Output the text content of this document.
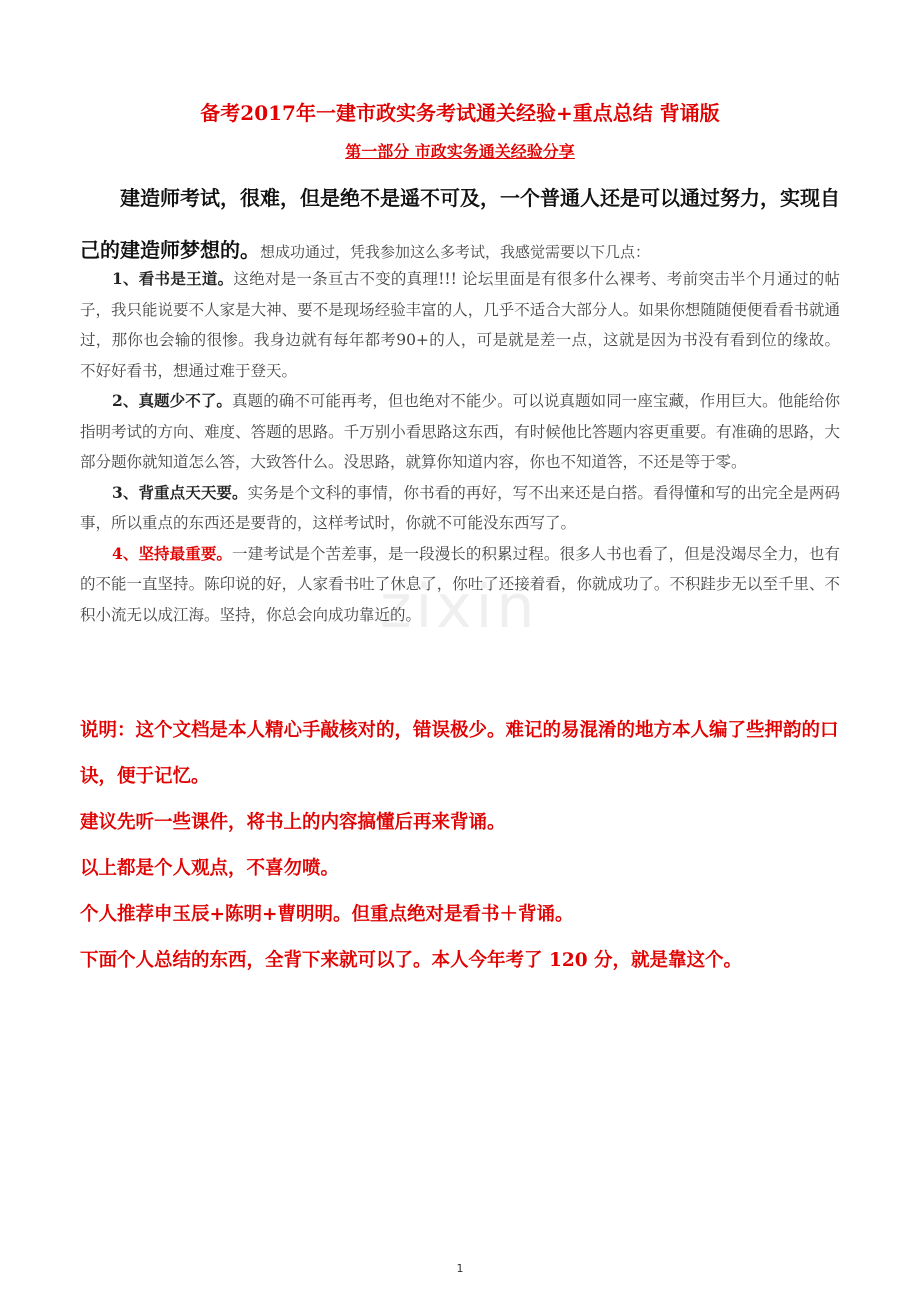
备考2017年一建市政实务考试通关经验+重点总结 背诵版
第一部分 市政实务通关经验分享
建造师考试，很难，但是绝不是遥不可及，一个普通人还是可以通过努力，实现自己的建造师梦想的。想成功通过，凭我参加这么多考试，我感觉需要以下几点：
zixin

1、看书是王道。这绝对是一条亘古不变的真理!!! 论坛里面是有很多什么裸考、考前突击半个月通过的帖子，我只能说要不人家是大神、要不是现场经验丰富的人，几乎不适合大部分人。如果你想随随便便看看书就通过，那你也会输的很惨。我身边就有每年都考90+的人，可是就是差一点，这就是因为书没有看到位的缘故。不好好看书，想通过难于登天。

2、真题少不了。真题的确不可能再考，但也绝对不能少。可以说真题如同一座宝藏，作用巨大。他能给你指明考试的方向、难度、答题的思路。千万别小看思路这东西，有时候他比答题内容更重要。有准确的思路，大部分题你就知道怎么答，大致答什么。没思路，就算你知道内容，你也不知道答，不还是等于零。

3、背重点天天要。实务是个文科的事情，你书看的再好，写不出来还是白搭。看得懂和写的出完全是两码事，所以重点的东西还是要背的，这样考试时，你就不可能没东西写了。

4、坚持最重要。一建考试是个苦差事，是一段漫长的积累过程。很多人书也看了，但是没竭尽全力，也有的不能一直坚持。陈印说的好，人家看书吐了休息了，你吐了还接着看，你就成功了。不积跬步无以至千里、不积小流无以成江海。坚持，你总会向成功靠近的。

说明：这个文档是本人精心手敲核对的，错误极少。难记的易混淆的地方本人编了些押韵的口诀，便于记忆。

建议先听一些课件，将书上的内容搞懂后再来背诵。

以上都是个人观点，不喜勿喷。

个人推荐申玉辰+陈明+曹明明。但重点绝对是看书＋背诵。

下面个人总结的东西，全背下来就可以了。本人今年考了 120 分，就是靠这个。

1
